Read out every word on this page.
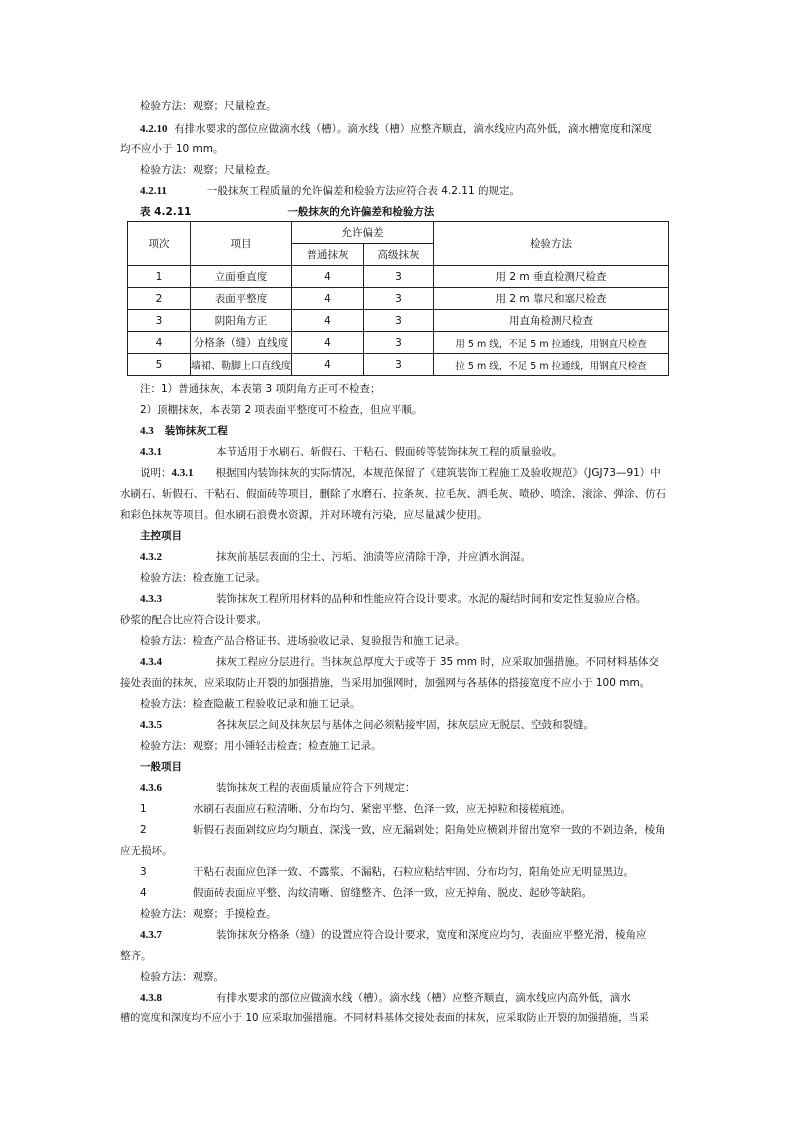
检验方法：观察；尺量检查。
4.2.10 有排水要求的部位应做滴水线（槽）。滴水线（槽）应整齐顺直，滴水线应内高外低，滴水槽宽度和深度
均不应小于 10 mm。
检验方法：观察；尺量检查。
4.2.11	一般抹灰工程质量的允许偏差和检验方法应符合表 4.2.11 的规定。
表 4.2.11	一般抹灰的允许偏差和检验方法
项次	项目	允许偏差		检验方法
		普通抹灰	高级抹灰	
1	立面垂直度	4	3	用 2 m 垂直检测尺检查
2	表面平整度	4	3	用 2 m 靠尺和塞尺检查
3	阴阳角方正	4	3	用直角检测尺检查
4	分格条（缝）直线度	4	3	用 5 m 线，不足 5 m 拉通线，用钢直尺检查
5	墙裙、勒脚上口直线度	4	3	拉 5 m 线，不足 5 m 拉通线，用钢直尺检查
注：1）普通抹灰，本表第 3 项阴角方正可不检查；
2）顶棚抹灰，本表第 2 项表面平整度可不检查，但应平顺。
4.3 装饰抹灰工程
4.3.1	本节适用于水刷石、斩假石、干粘石、假面砖等装饰抹灰工程的质量验收。
说明：4.3.1 根据国内装饰抹灰的实际情况，本规范保留了《建筑装饰工程施工及验收规范》（JGJ73—91）中
水刷石、斩假石、干粘石、假面砖等项目，删除了水磨石、拉条灰、拉毛灰、洒毛灰、喷砂、喷涂、滚涂、弹涂、仿石
和彩色抹灰等项目。但水刷石浪费水资源，并对环境有污染，应尽量减少使用。
主控项目
4.3.2	抹灰前基层表面的尘土、污垢、油渍等应清除干净，并应洒水润湿。
检验方法：检查施工记录。
4.3.3	装饰抹灰工程所用材料的品种和性能应符合设计要求。水泥的凝结时间和安定性复验应合格。
砂浆的配合比应符合设计要求。
检验方法：检查产品合格证书、进场验收记录、复验报告和施工记录。
4.3.4	抹灰工程应分层进行。当抹灰总厚度大于或等于 35 mm 时，应采取加强措施。不同材料基体交
接处表面的抹灰，应采取防止开裂的加强措施，当采用加强网时，加强网与各基体的搭接宽度不应小于 100 mm。
检验方法：检查隐蔽工程验收记录和施工记录。
4.3.5	各抹灰层之间及抹灰层与基体之间必须粘接牢固，抹灰层应无脱层、空鼓和裂缝。
检验方法：观察；用小锤轻击检查；检查施工记录。
一般项目
4.3.6	装饰抹灰工程的表面质量应符合下列规定：
1	水刷石表面应石粒清晰、分布均匀、紧密平整、色泽一致，应无掉粒和接槎痕迹。
2	斩假石表面剁纹应均匀顺直、深浅一致，应无漏剁处；阳角处应横剁并留出宽窄一致的不剁边条，棱角
应无损坏。
3	干粘石表面应色泽一致、不露浆、不漏粘，石粒应粘结牢固、分布均匀，阳角处应无明显黑边。
4	假面砖表面应平整、沟纹清晰、留缝整齐、色泽一致，应无掉角、脱皮、起砂等缺陷。
检验方法：观察；手摸检查。
4.3.7	装饰抹灰分格条（缝）的设置应符合设计要求，宽度和深度应均匀，表面应平整光滑，棱角应
整齐。
检验方法：观察。
4.3.8	有排水要求的部位应做滴水线（槽）。滴水线（槽）应整齐顺直，滴水线应内高外低，滴水
槽的宽度和深度均不应小于 10 应采取加强措施。不同材料基体交接处表面的抹灰，应采取防止开裂的加强措施，当采
